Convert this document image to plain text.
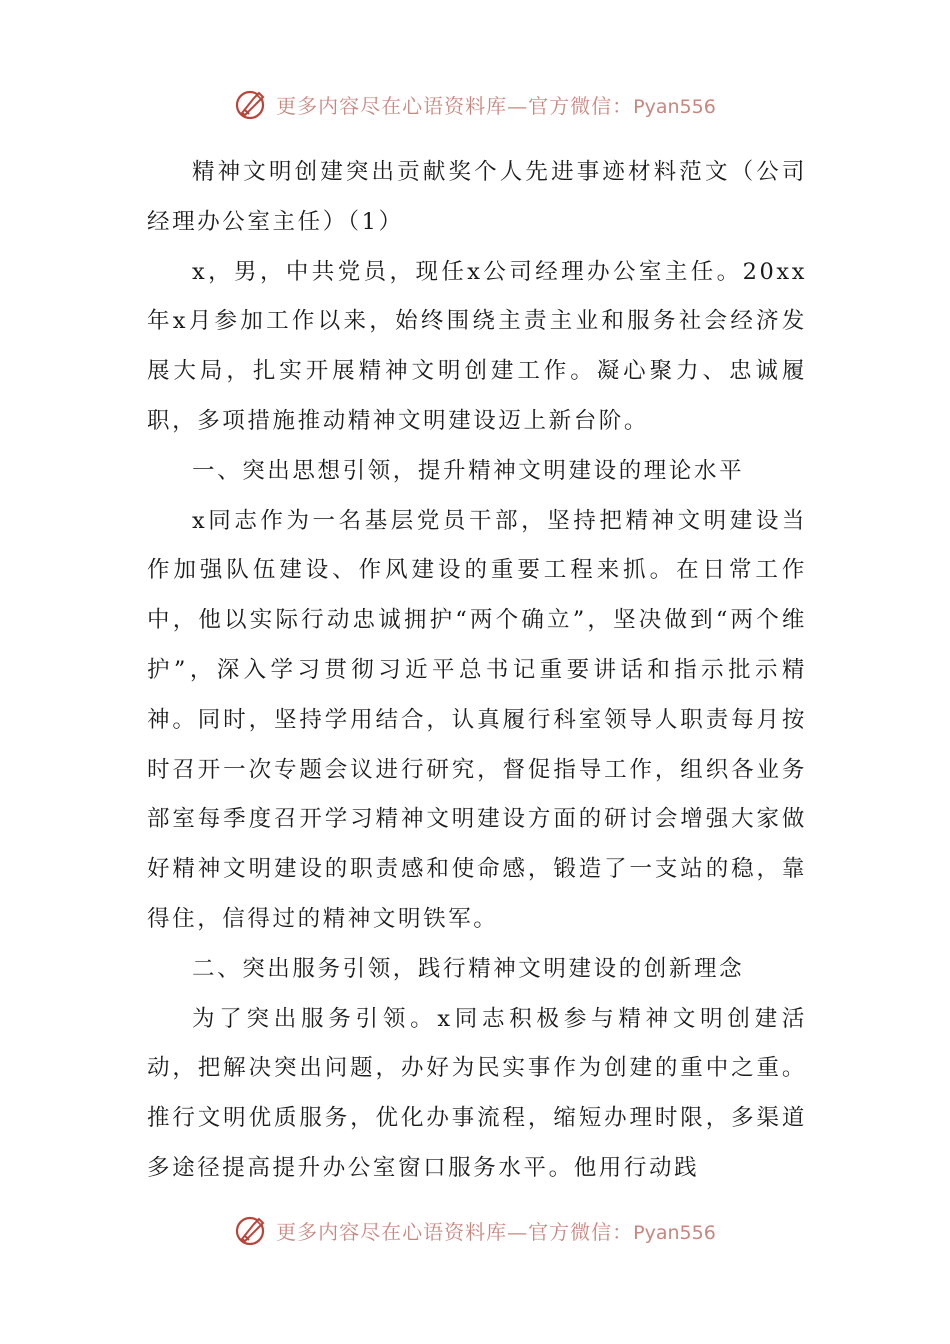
更多内容尽在心语资料库—官方微信：Pyan556

精神文明创建突出贡献奖个人先进事迹材料范文（公司经理办公室主任）（1）

x，男，中共党员，现任x公司经理办公室主任。20xx年x月参加工作以来，始终围绕主责主业和服务社会经济发展大局，扎实开展精神文明创建工作。凝心聚力、忠诚履职，多项措施推动精神文明建设迈上新台阶。

一、突出思想引领，提升精神文明建设的理论水平

x同志作为一名基层党员干部，坚持把精神文明建设当作加强队伍建设、作风建设的重要工程来抓。在日常工作中，他以实际行动忠诚拥护“两个确立”，坚决做到“两个维护”，深入学习贯彻习近平总书记重要讲话和指示批示精神。同时，坚持学用结合，认真履行科室领导人职责每月按时召开一次专题会议进行研究，督促指导工作，组织各业务部室每季度召开学习精神文明建设方面的研讨会增强大家做好精神文明建设的职责感和使命感，锻造了一支站的稳，靠得住，信得过的精神文明铁军。

二、突出服务引领，践行精神文明建设的创新理念

为了突出服务引领。x同志积极参与精神文明创建活动，把解决突出问题，办好为民实事作为创建的重中之重。推行文明优质服务，优化办事流程，缩短办理时限，多渠道多途径提高提升办公室窗口服务水平。他用行动践

更多内容尽在心语资料库—官方微信：Pyan556
